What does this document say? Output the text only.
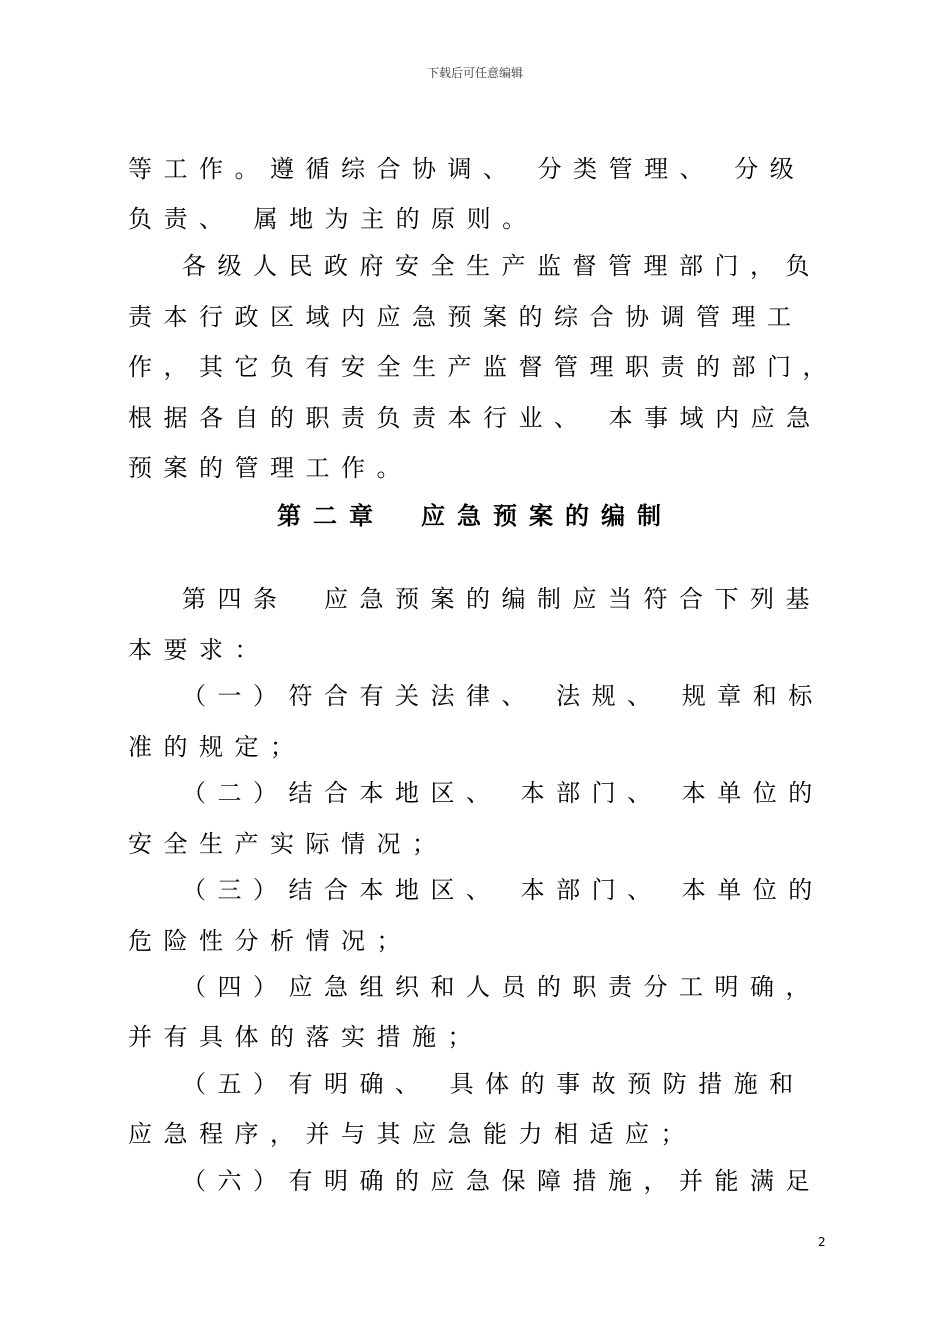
下载后可任意编辑
等工作。遵循综合协调、 分类管理、 分级
负责、 属地为主的原则。
各级人民政府安全生产监督管理部门，负
责本行政区域内应急预案的综合协调管理工
作，其它负有安全生产监督管理职责的部门，
根据各自的职责负责本行业、 本事域内应急
预案的管理工作。
第二章　应急预案的编制
第四条　应急预案的编制应当符合下列基
本要求：
（一）符合有关法律、 法规、 规章和标
准的规定；
（二）结合本地区、 本部门、 本单位的
安全生产实际情况；
（三）结合本地区、 本部门、 本单位的
危险性分析情况；
（四）应急组织和人员的职责分工明确，
并有具体的落实措施；
（五）有明确、 具体的事故预防措施和
应急程序，并与其应急能力相适应；
（六）有明确的应急保障措施，并能满足
2
